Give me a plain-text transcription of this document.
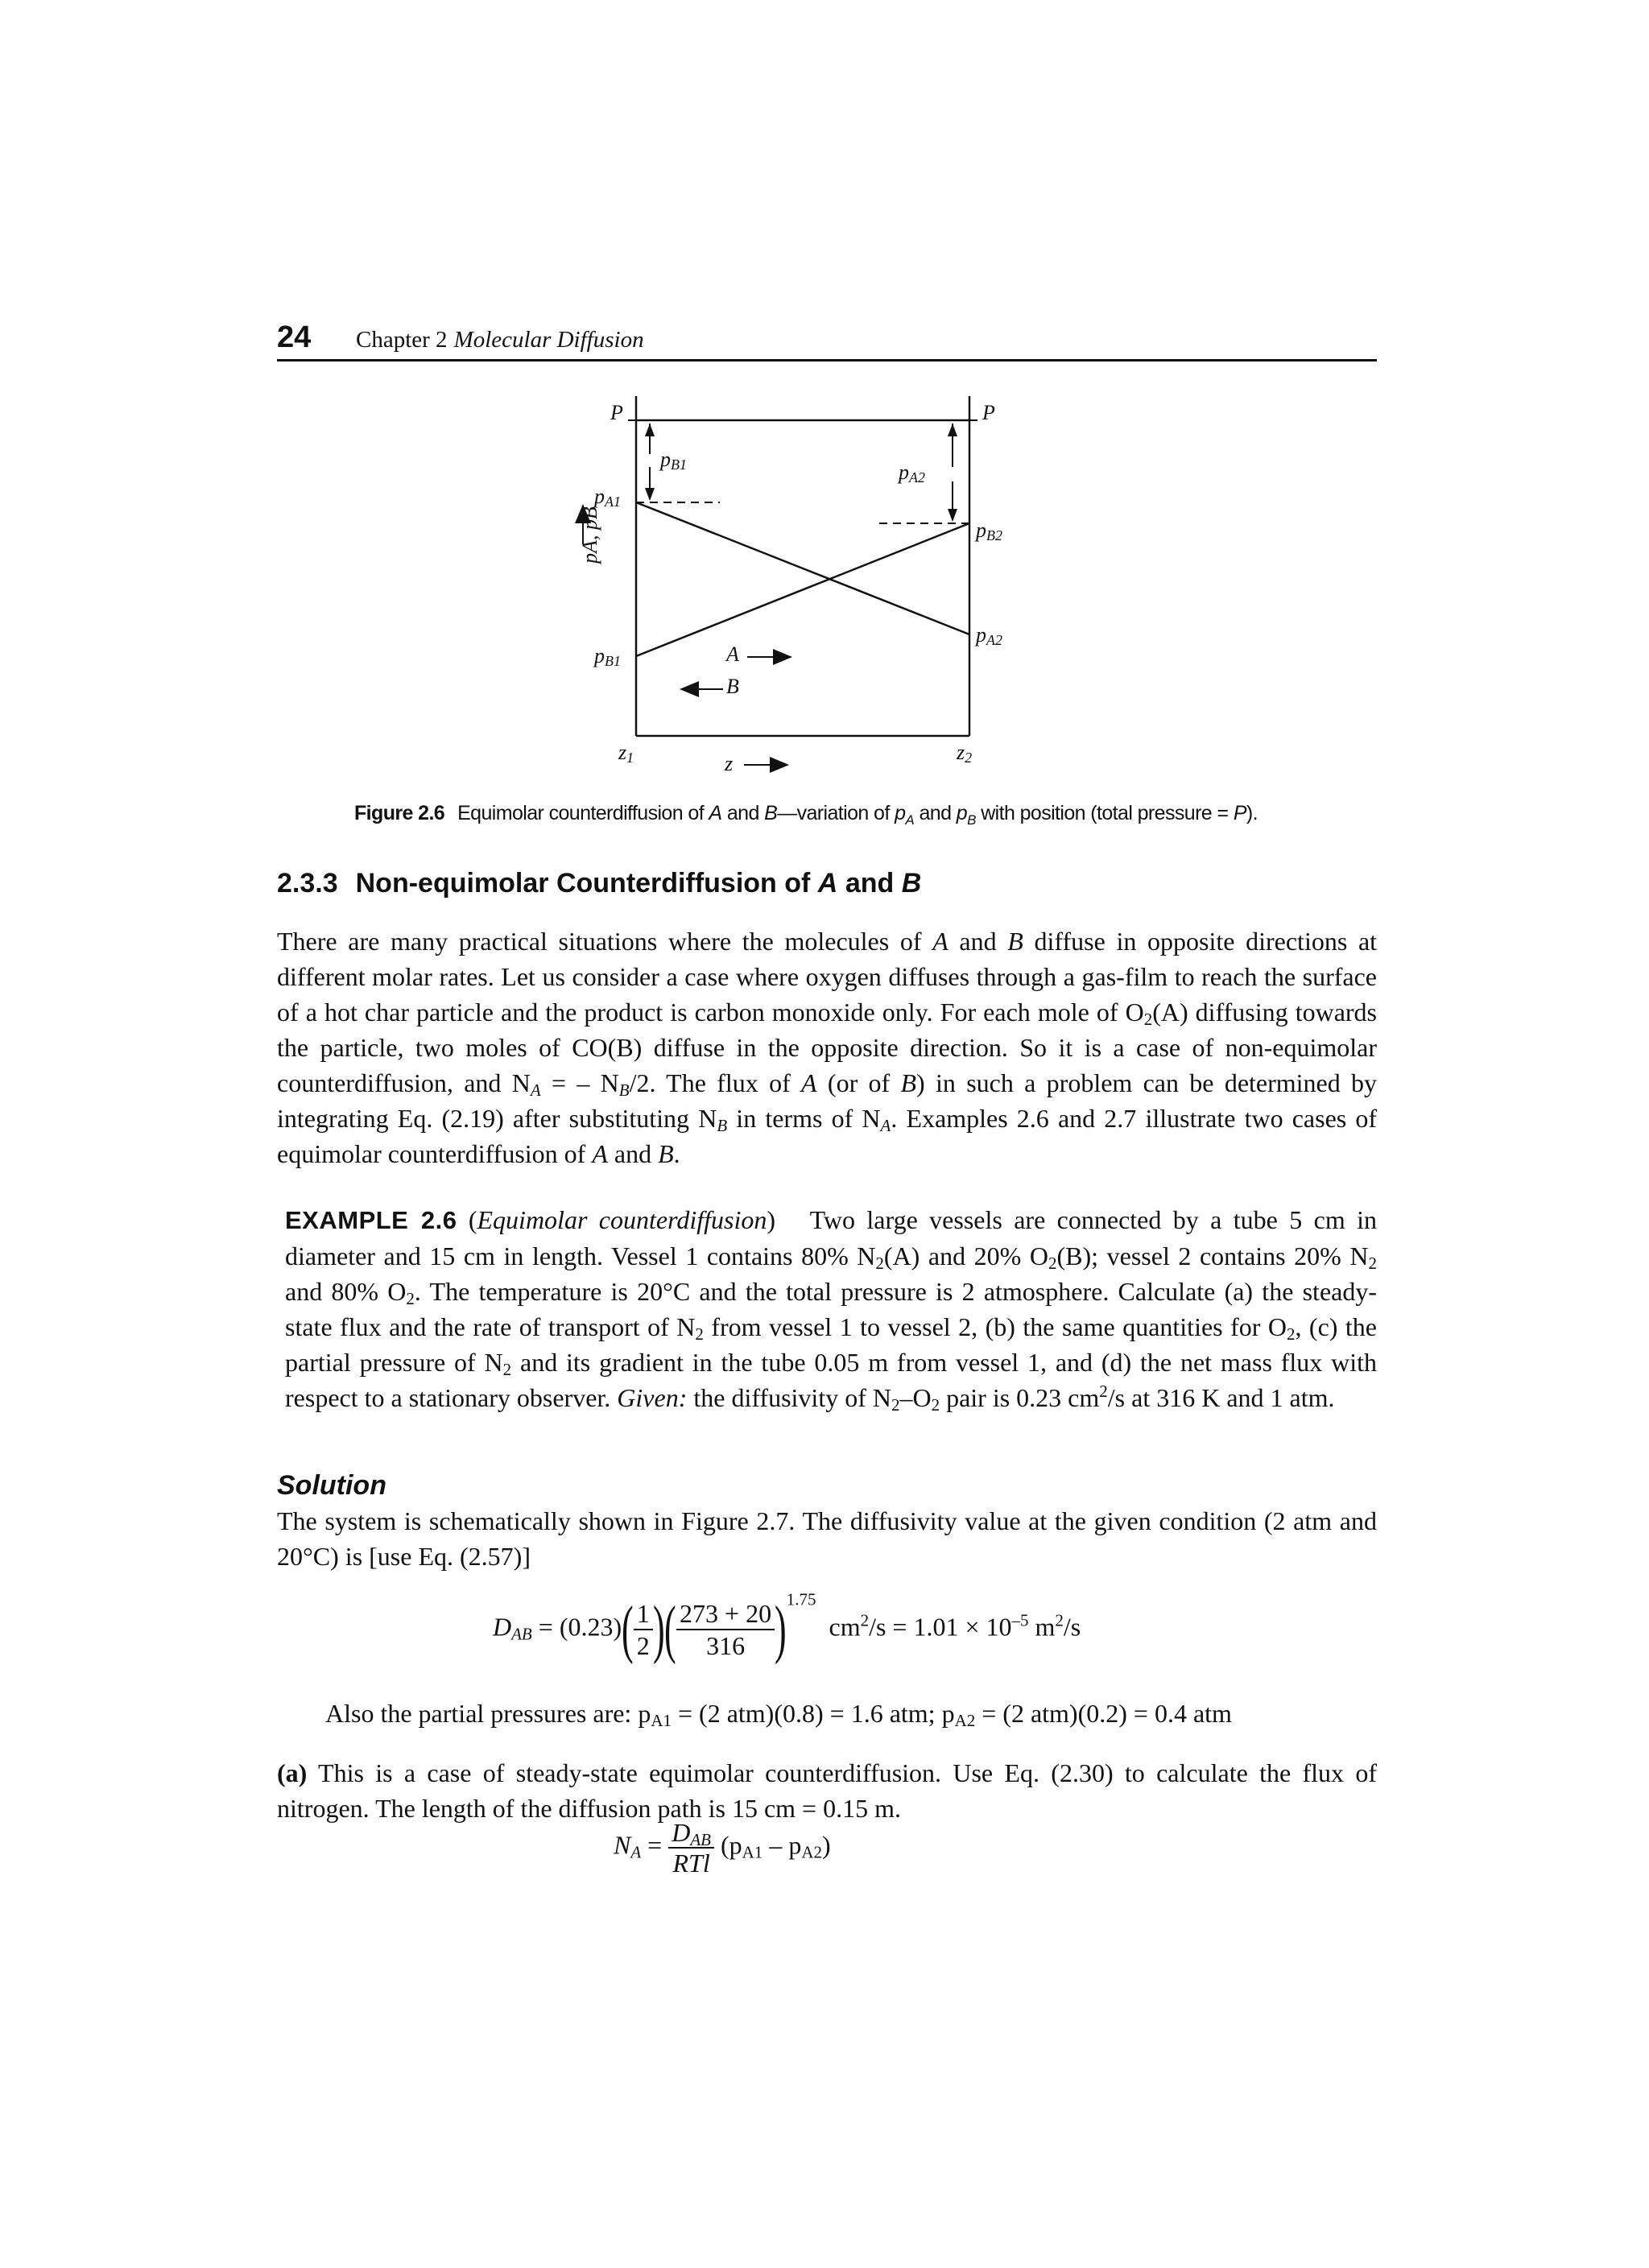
24 Chapter 2 Molecular Diffusion
P	P
$p_{B1}$	$p_{A2}$
$p_{A1}$
$p_{B2}$
$p_{A2}$
$p_{B1}$
pA, pB
A
B
$z_1$	$z_2$
z
Figure 2.6 Equimolar counterdiffusion of A and B—variation of $p_A$ and $p_B$ with position (total pressure = P).
2.3.3 Non-equimolar Counterdiffusion of A and B
There are many practical situations where the molecules of A and B diffuse in opposite directions at different molar rates. Let us consider a case where oxygen diffuses through a gas-film to reach the surface of a hot char particle and the product is carbon monoxide only. For each mole of $O_2(A)$ diffusing towards the particle, two moles of CO(B) diffuse in the opposite direction. So it is a case of non-equimolar counterdiffusion, and $N_A$ = – $N_B/2$. The flux of A (or of B) in such a problem can be determined by integrating Eq. (2.19) after substituting $N_B$ in terms of $N_A$. Examples 2.6 and 2.7 illustrate two cases of equimolar counterdiffusion of A and B.
EXAMPLE 2.6 (Equimolar counterdiffusion)   Two large vessels are connected by a tube 5 cm in diameter and 15 cm in length. Vessel 1 contains 80% $N_2(A)$ and 20% $O_2(B)$; vessel 2 contains 20% $N_2$ and 80% $O_2$. The temperature is 20°C and the total pressure is 2 atmosphere. Calculate (a) the steady-state flux and the rate of transport of $N_2$ from vessel 1 to vessel 2, (b) the same quantities for $O_2$, (c) the partial pressure of $N_2$ and its gradient in the tube 0.05 m from vessel 1, and (d) the net mass flux with respect to a stationary observer. Given: the diffusivity of $N_2-O_2$ pair is 0.23 $cm^2/s$ at 316 K and 1 atm.
Solution
The system is schematically shown in Figure 2.7. The diffusivity value at the given condition (2 atm and 20°C) is [use Eq. (2.57)]
$D_{AB} = (0.23)( \frac{1}{2}$ )( $\frac{273 + 20}{316} )^{1.75}$  $cm^2/s = 1.01 \times 10^{-5}$ $m^2/s$
Also the partial pressures are: $p_{A1} = (2$ atm)(0.8) = 1.6 atm; $p_{A2} = (2$ atm)(0.2) = 0.4 atm
(a) This is a case of steady-state equimolar counterdiffusion. Use Eq. (2.30) to calculate the flux of nitrogen. The length of the diffusion path is 15 cm = 0.15 m.
$N_A = \frac{D_{AB}}{\text{RTl}} (p_{A1} - p_{A2})$
